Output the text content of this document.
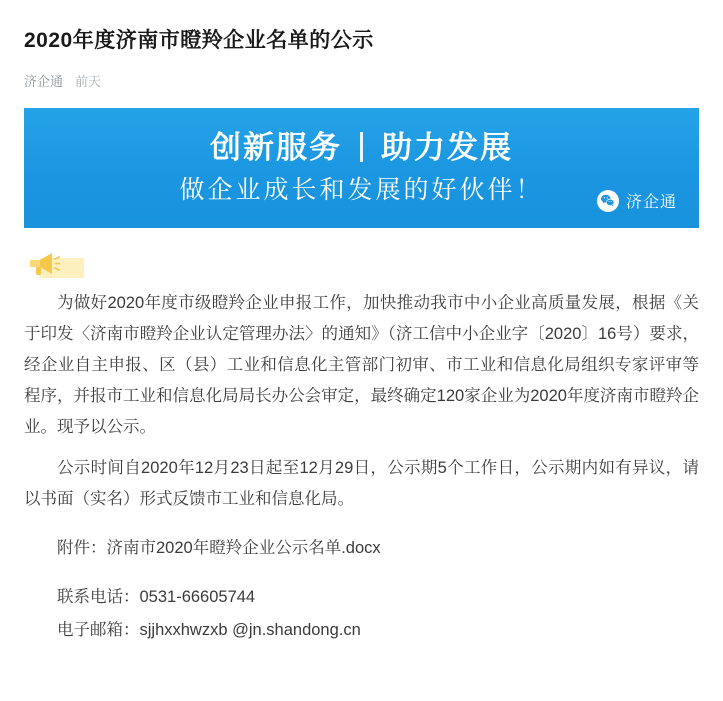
2020年度济南市瞪羚企业名单的公示
济企通 前天
创新服务 助力发展
做企业成长和发展的好伙伴！	济企通

为做好2020年度市级瞪羚企业申报工作，加快推动我市中小企业高质量发展，根据《关于印发〈济南市瞪羚企业认定管理办法〉的通知》（济工信中小企业字〔2020〕16号）要求，经企业自主申报、区（县）工业和信息化主管部门初审、市工业和信息化局组织专家评审等程序，并报市工业和信息化局局长办公会审定，最终确定120家企业为2020年度济南市瞪羚企业。现予以公示。

公示时间自2020年12月23日起至12月29日，公示期5个工作日，公示期内如有异议，请以书面（实名）形式反馈市工业和信息化局。

附件：济南市2020年瞪羚企业公示名单.docx

联系电话：0531-66605744

电子邮箱：sjjhxxhwzxb @jn.shandong.cn
